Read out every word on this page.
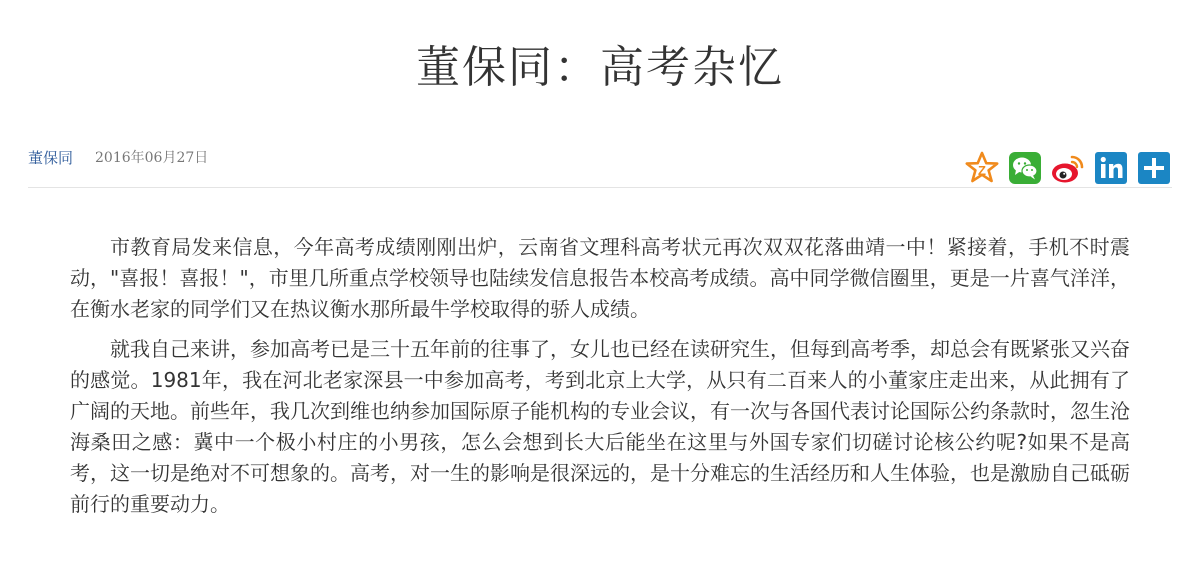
董保同：高考杂忆
董保同 2016年06月27日
Z

市教育局发来信息，今年高考成绩刚刚出炉，云南省文理科高考状元再次双双花落曲靖一中！紧接着，手机不时震动，"喜报！喜报！"，市里几所重点学校领导也陆续发信息报告本校高考成绩。高中同学微信圈里，更是一片喜气洋洋，在衡水老家的同学们又在热议衡水那所最牛学校取得的骄人成绩。

就我自己来讲，参加高考已是三十五年前的往事了，女儿也已经在读研究生，但每到高考季，却总会有既紧张又兴奋的感觉。1981年，我在河北老家深县一中参加高考，考到北京上大学，从只有二百来人的小董家庄走出来，从此拥有了广阔的天地。前些年，我几次到维也纳参加国际原子能机构的专业会议，有一次与各国代表讨论国际公约条款时，忽生沧海桑田之感：冀中一个极小村庄的小男孩，怎么会想到长大后能坐在这里与外国专家们切磋讨论核公约呢?如果不是高考，这一切是绝对不可想象的。高考，对一生的影响是很深远的，是十分难忘的生活经历和人生体验，也是激励自己砥砺前行的重要动力。
